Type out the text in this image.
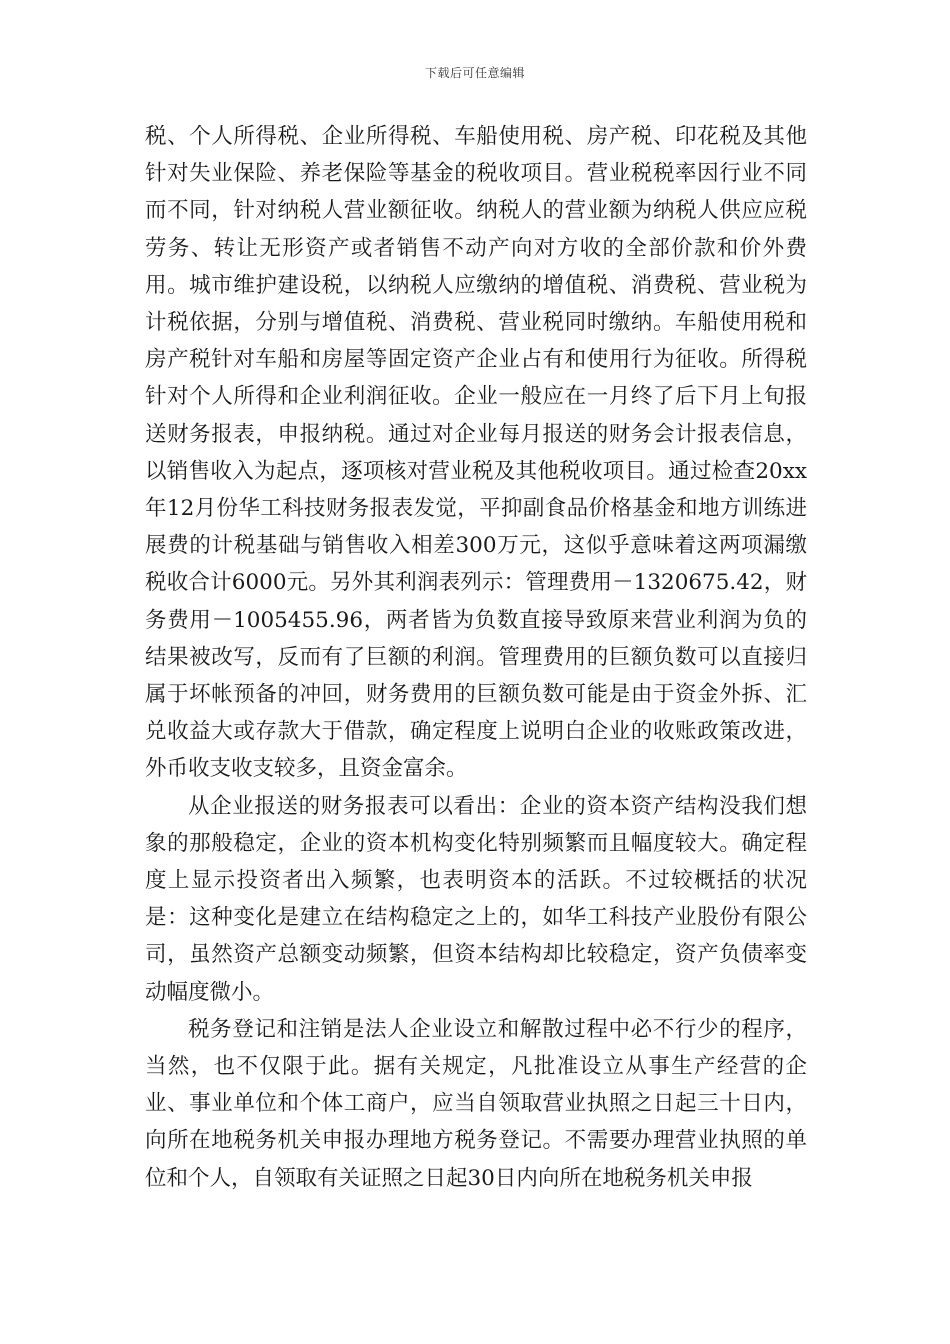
下载后可任意编辑

税、个人所得税、企业所得税、车船使用税、房产税、印花税及其他针对失业保险、养老保险等基金的税收项目。营业税税率因行业不同而不同，针对纳税人营业额征收。纳税人的营业额为纳税人供应应税劳务、转让无形资产或者销售不动产向对方收的全部价款和价外费用。城市维护建设税，以纳税人应缴纳的增值税、消费税、营业税为计税依据，分别与增值税、消费税、营业税同时缴纳。车船使用税和房产税针对车船和房屋等固定资产企业占有和使用行为征收。所得税针对个人所得和企业利润征收。企业一般应在一月终了后下月上旬报送财务报表，申报纳税。通过对企业每月报送的财务会计报表信息，以销售收入为起点，逐项核对营业税及其他税收项目。通过检查20xx年12月份华工科技财务报表发觉，平抑副食品价格基金和地方训练进展费的计税基础与销售收入相差300万元，这似乎意味着这两项漏缴税收合计6000元。另外其利润表列示：管理费用－1320675.42，财务费用－1005455.96，两者皆为负数直接导致原来营业利润为负的结果被改写，反而有了巨额的利润。管理费用的巨额负数可以直接归属于坏帐预备的冲回，财务费用的巨额负数可能是由于资金外拆、汇兑收益大或存款大于借款，确定程度上说明白企业的收账政策改进，外币收支收支较多，且资金富余。

从企业报送的财务报表可以看出：企业的资本资产结构没我们想象的那般稳定，企业的资本机构变化特别频繁而且幅度较大。确定程度上显示投资者出入频繁，也表明资本的活跃。不过较概括的状况是：这种变化是建立在结构稳定之上的，如华工科技产业股份有限公司，虽然资产总额变动频繁，但资本结构却比较稳定，资产负债率变动幅度微小。

税务登记和注销是法人企业设立和解散过程中必不行少的程序，当然，也不仅限于此。据有关规定，凡批准设立从事生产经营的企业、事业单位和个体工商户，应当自领取营业执照之日起三十日内，向所在地税务机关申报办理地方税务登记。不需要办理营业执照的单位和个人，自领取有关证照之日起30日内向所在地税务机关申报
